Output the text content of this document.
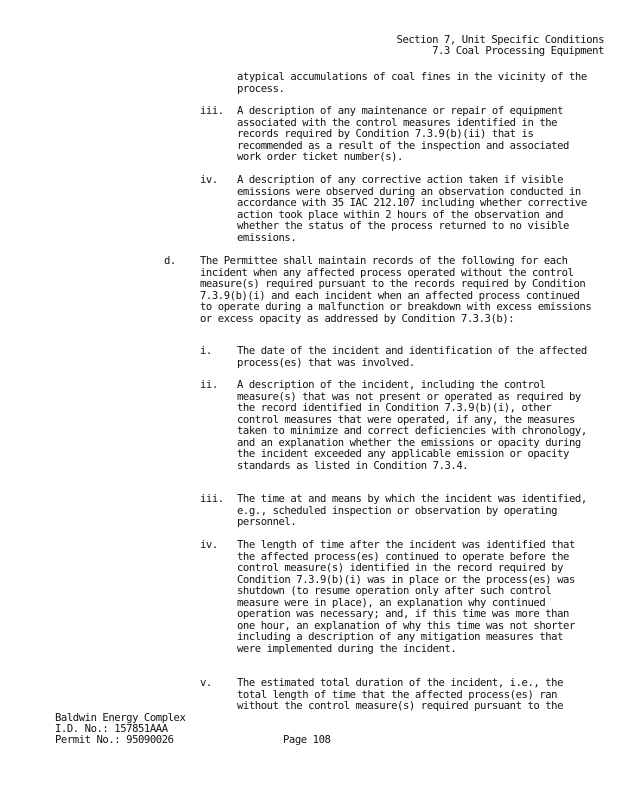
Section 7, Unit Specific Conditions
7.3 Coal Processing Equipment
atypical accumulations of coal fines in the vicinity of the process.
iii. A description of any maintenance or repair of equipment associated with the control measures identified in the records required by Condition 7.3.9(b)(ii) that is recommended as a result of the inspection and associated work order ticket number(s).
iv. A description of any corrective action taken if visible emissions were observed during an observation conducted in accordance with 35 IAC 212.107 including whether corrective action took place within 2 hours of the observation and whether the status of the process returned to no visible emissions.
d. The Permittee shall maintain records of the following for each incident when any affected process operated without the control measure(s) required pursuant to the records required by Condition 7.3.9(b)(i) and each incident when an affected process continued to operate during a malfunction or breakdown with excess emissions or excess opacity as addressed by Condition 7.3.3(b):
i. The date of the incident and identification of the affected process(es) that was involved.
ii. A description of the incident, including the control measure(s) that was not present or operated as required by the record identified in Condition 7.3.9(b)(i), other control measures that were operated, if any, the measures taken to minimize and correct deficiencies with chronology, and an explanation whether the emissions or opacity during the incident exceeded any applicable emission or opacity standards as listed in Condition 7.3.4.
iii. The time at and means by which the incident was identified, e.g., scheduled inspection or observation by operating personnel.
iv. The length of time after the incident was identified that the affected process(es) continued to operate before the control measure(s) identified in the record required by Condition 7.3.9(b)(i) was in place or the process(es) was shutdown (to resume operation only after such control measure were in place), an explanation why continued operation was necessary; and, if this time was more than one hour, an explanation of why this time was not shorter including a description of any mitigation measures that were implemented during the incident.
v. The estimated total duration of the incident, i.e., the total length of time that the affected process(es) ran without the control measure(s) required pursuant to the
Baldwin Energy Complex
I.D. No.: 157851AAA
Permit No.: 95090026	Page 108
